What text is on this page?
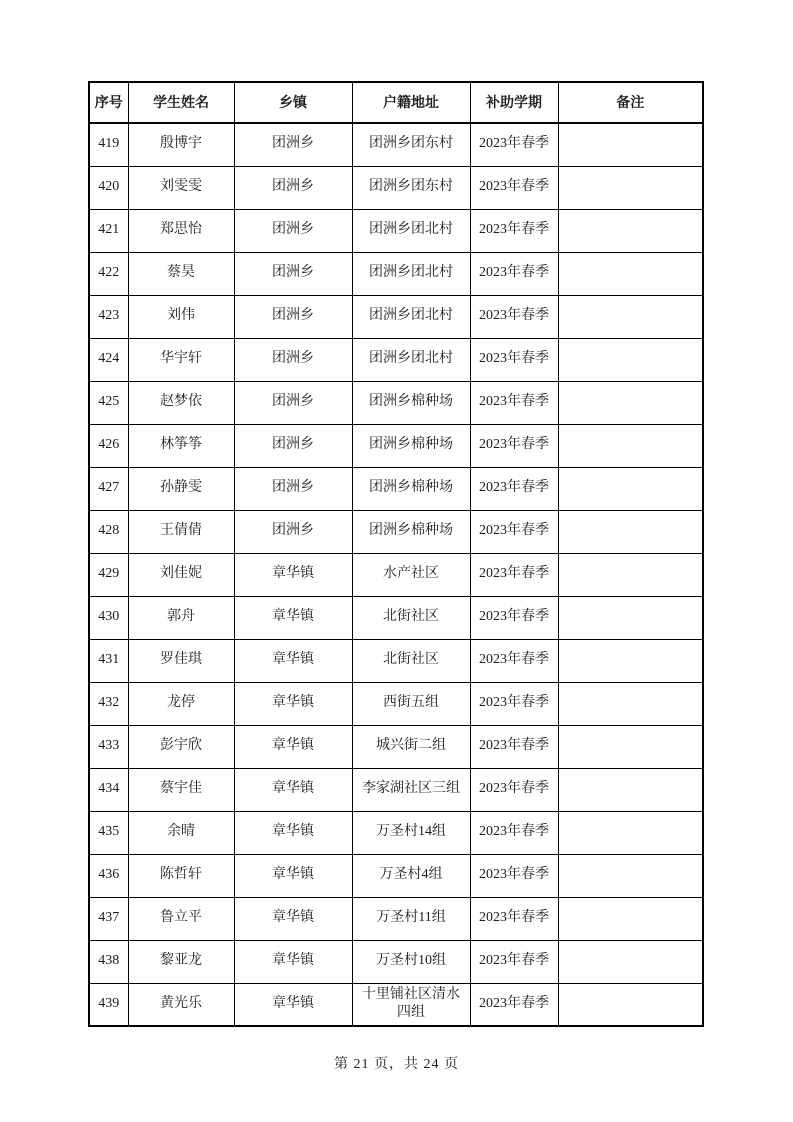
序号	学生姓名	乡镇	户籍地址	补助学期	备注
419	殷博宇	团洲乡	团洲乡团东村	2023年春季	
420	刘雯雯	团洲乡	团洲乡团东村	2023年春季	
421	郑思怡	团洲乡	团洲乡团北村	2023年春季	
422	蔡昊	团洲乡	团洲乡团北村	2023年春季	
423	刘伟	团洲乡	团洲乡团北村	2023年春季	
424	华宇轩	团洲乡	团洲乡团北村	2023年春季	
425	赵梦依	团洲乡	团洲乡棉种场	2023年春季	
426	林筝筝	团洲乡	团洲乡棉种场	2023年春季	
427	孙静雯	团洲乡	团洲乡棉种场	2023年春季	
428	王倩倩	团洲乡	团洲乡棉种场	2023年春季	
429	刘佳妮	章华镇	水产社区	2023年春季	
430	郭舟	章华镇	北街社区	2023年春季	
431	罗佳琪	章华镇	北街社区	2023年春季	
432	龙停	章华镇	西街五组	2023年春季	
433	彭宇欣	章华镇	城兴街二组	2023年春季	
434	蔡宇佳	章华镇	李家湖社区三组	2023年春季	
435	余晴	章华镇	万圣村14组	2023年春季	
436	陈哲轩	章华镇	万圣村4组	2023年春季	
437	鲁立平	章华镇	万圣村11组	2023年春季	
438	黎亚龙	章华镇	万圣村10组	2023年春季	
439	黄光乐	章华镇	十里铺社区清水四组	2023年春季	
第 21 页，共 24 页
